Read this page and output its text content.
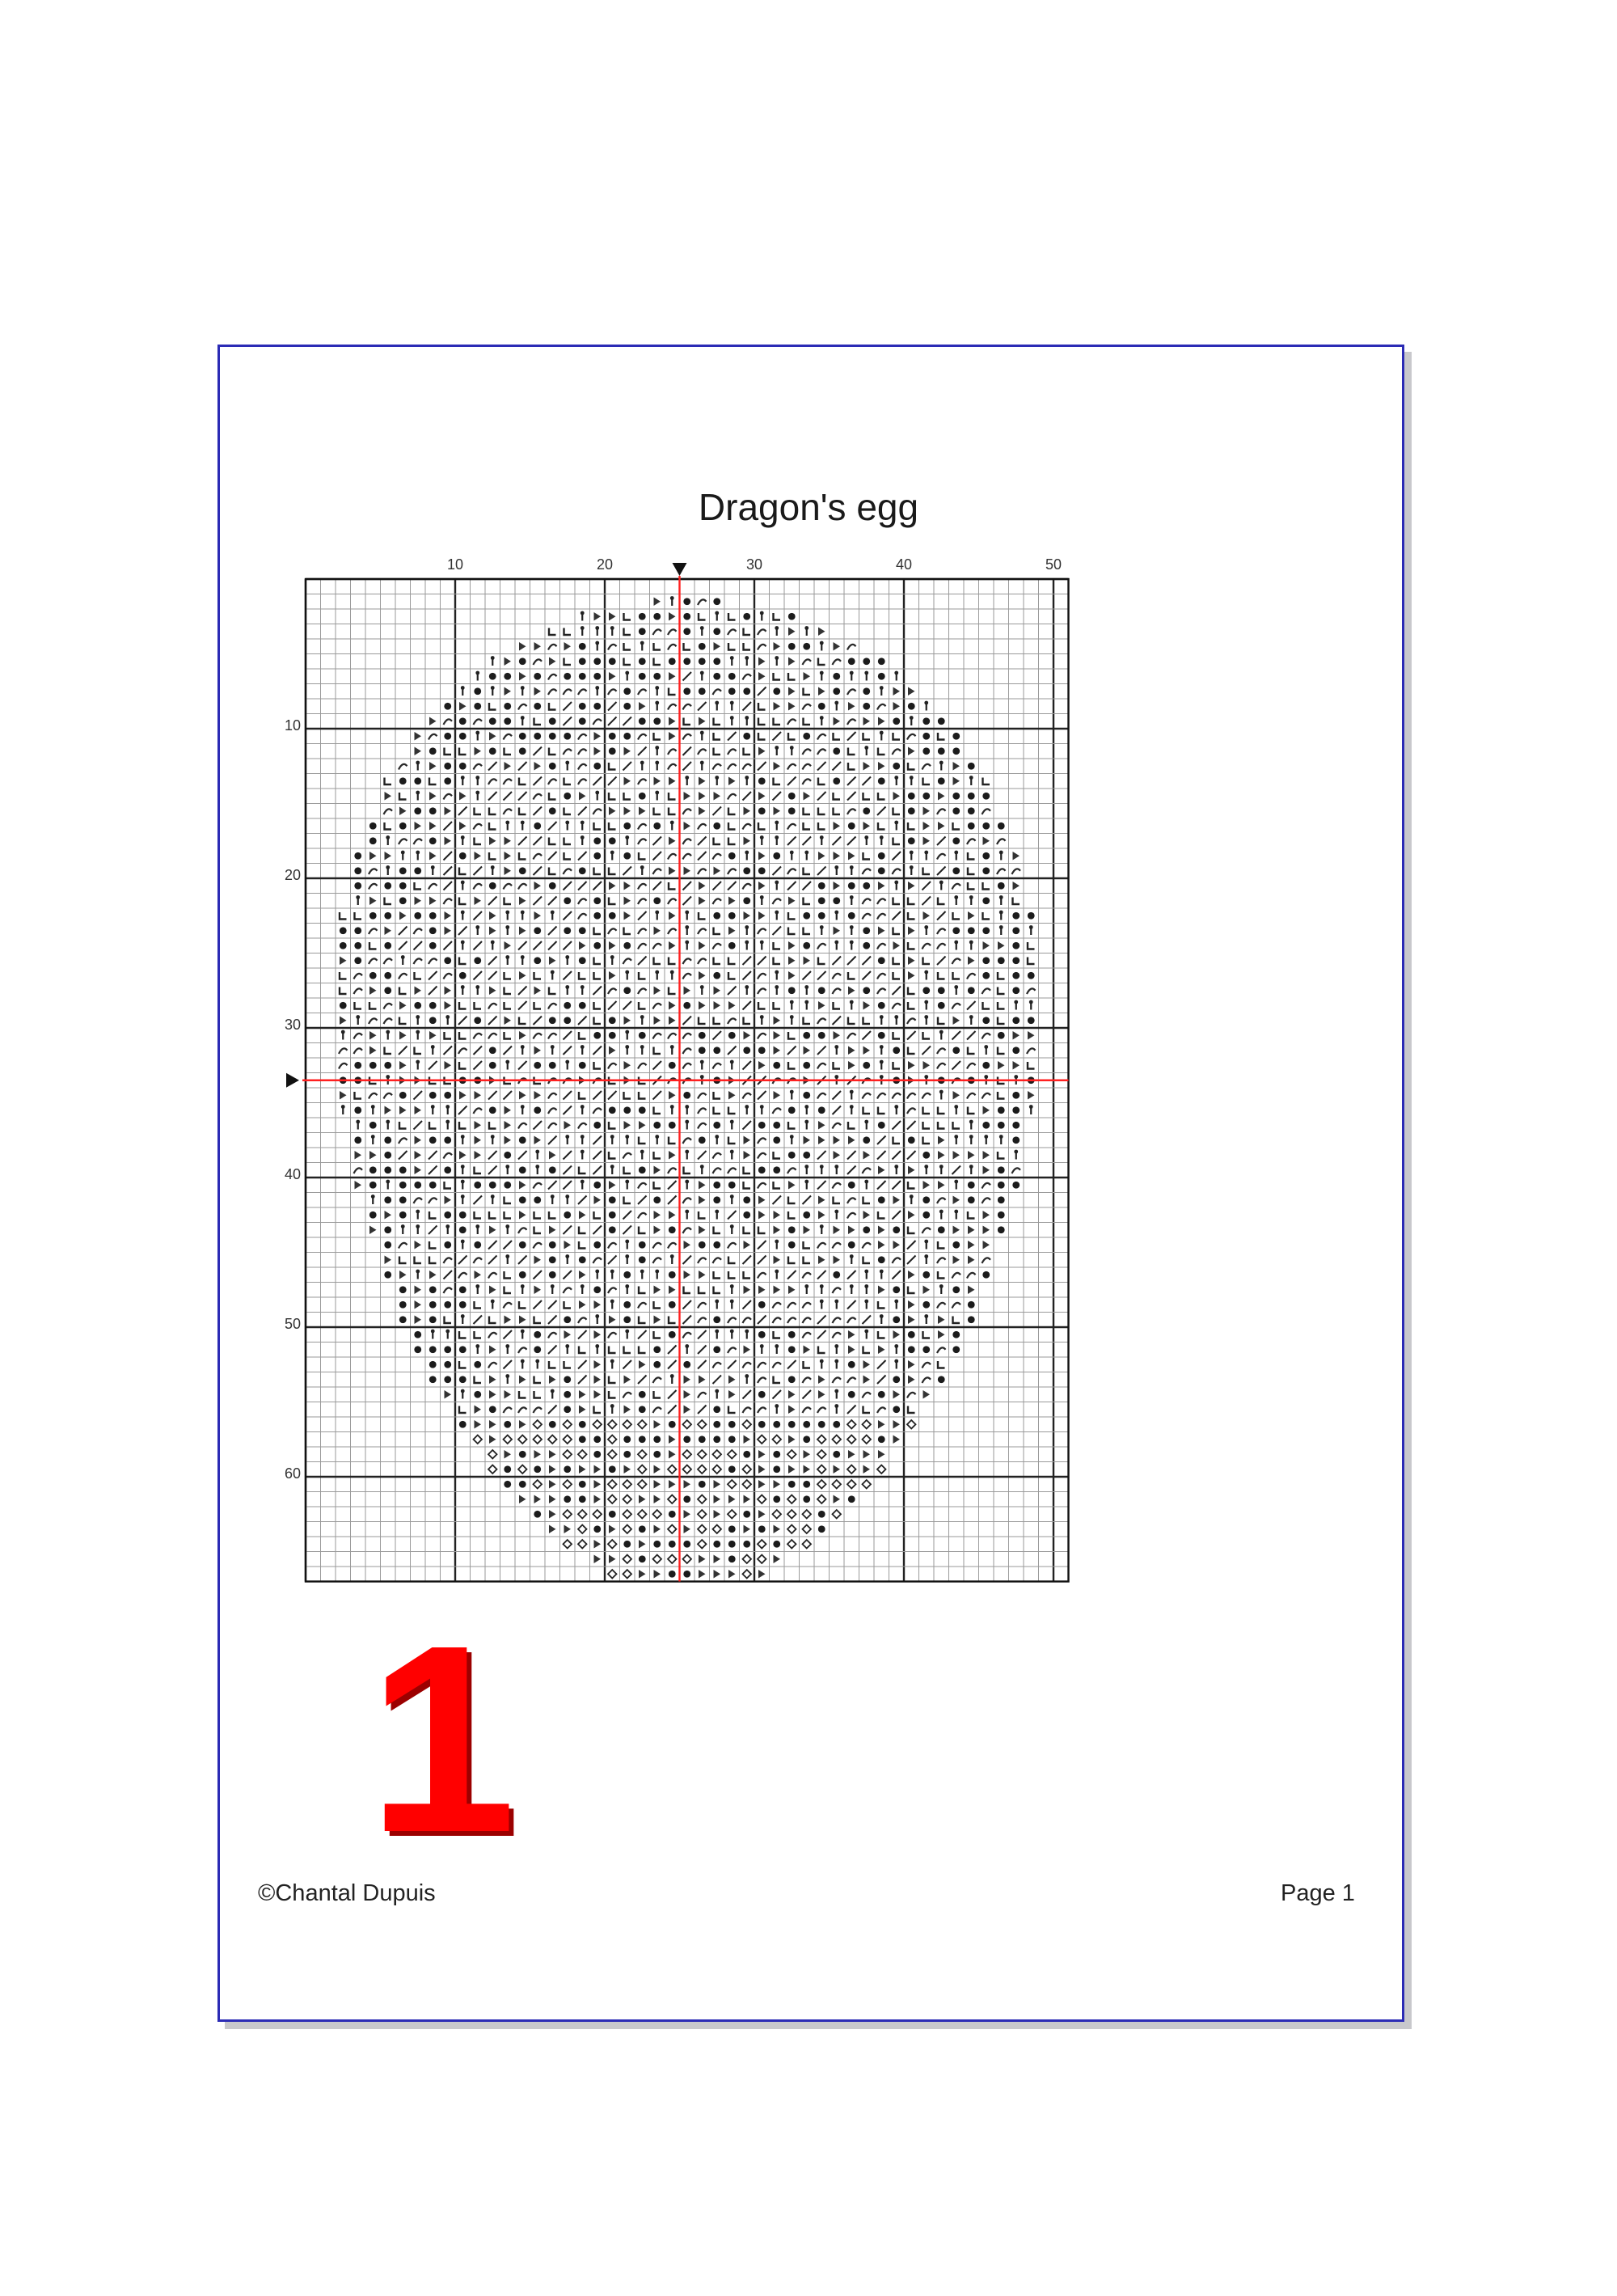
Dragon's egg
10	20	30	40	50
10
20
30
40
50
60
1
©Chantal Dupuis	Page 1
